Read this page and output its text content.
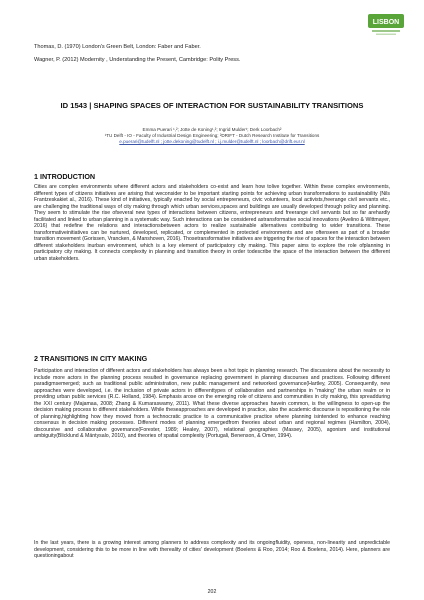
LISBON
Thomas, D. (1970) London's Green Belt, London: Faber and Faber.
Wagner, P. (2012) Modernity , Understanding the Present, Cambridge: Polity Press.
ID 1543 | SHAPING SPACES OF INTERACTION FOR SUSTAINABILITY TRANSITIONS
Emma Puerari ¹,²; Jotte de Koning¹,²; Ingrid Mulder¹; Derk Loorbach²
¹TU Delft - IO - Faculty of Industrial Design Engineering; ²DRIFT - Dutch Research Institute for Transitions
e.puerari@tudelft.nl ; jotte.dekoning@tudelft.nl ; i.j.mulder@tudelft.nl ; loorbach@drift.eur.nl
1 INTRODUCTION
Cities are complex environments where different actors and stakeholders co-exist and learn how tolive together. Within these complex environments, different types of citizens initiatives are arising that weconsider to be important starting points for achieving urban transformations to sustainability (Nils Frantzeskakiet al., 2016). These kind of initiatives, typically enacted by social entrepreneurs, civic volunteers, local activists,freerange civil servants etc., are challenging the traditional ways of city making through which urban services,spaces and buildings are usually developed through policy and planning. They seem to stimulate the rise ofseveral new types of interactions between citizens, entrepreneurs and freerange civil servants but so far arehardly facilitated and linked to urban planning in a systematic way. Such interactions can be considered astransformative social innovations (Avelino & Wittmayer, 2016) that redefine the relations and interactionsbetween actors to realize sustainable alternatives contributing to wider transitions. These transformativeinitiatives can be nurtured, developed, replicated, or complemented in protected environments and are oftenseen as part of a broader transition movement (Gorissen, Vrancken, & Manshoven, 2016). Thosetransformative initiatives are triggering the rise of spaces for the interaction between different stakeholders inurban environment, which is a key element of participatory city making. This paper aims to explore the role ofplanning in participatory city making. It connects complexity in planning and transition theory in order todescribe the space of the interaction between the different urban stakeholders.
2 TRANSITIONS IN CITY MAKING
Participation and interaction of different actors and stakeholders has always been a hot topic in planning research. The discussions about the necessity to include more actors in the planning process resulted in governance replacing government in planning discourses and practices. Following different paradigmsemerged; such as traditional public administration, new public management and networked governance(Hartley, 2005). Consequently, new approaches were developed, i.e. the inclusion of private actors in differenttypes of collaboration and partnerships in "making" the urban realm or in providing urban public services (R.C. Holland, 1984). Emphasis arose on the emerging role of citizens and communities in city making, this spreadduring the XXI century (Majamaa, 2008; Zhang & Kumaraswamy, 2011). What these diverse approaches havein common, is the willingness to open-up the decision making process to different stakeholders. While theseapproaches are developed in practice, also the academic discourse is repositioning the role of planning,highlighting how they moved from a technocratic practice to a communicative practice where planning isintended to enhance reaching consensus in decision making processes. Different modes of planning emergedfrom theories about urban and regional regimes (Hamilton, 2004), discoursive and collaborative governance(Forester, 1989; Healey, 2007), relational geographies (Massey, 2005), agonism and institutional ambiguity(Blicklund & Mäntysalo, 2010), and theories of spatial complexity (Portugali, Benenson, & Omer, 1994).
In the last years, there is a growing interest among planners to address complexity and its ongoingfluidity, openess, non-linearity and unpredictable development, considering this to be more in line with thereality of cities' development (Boelens & Roo, 2014; Roo & Boelens, 2014). Here, planners are questioningabout
202
